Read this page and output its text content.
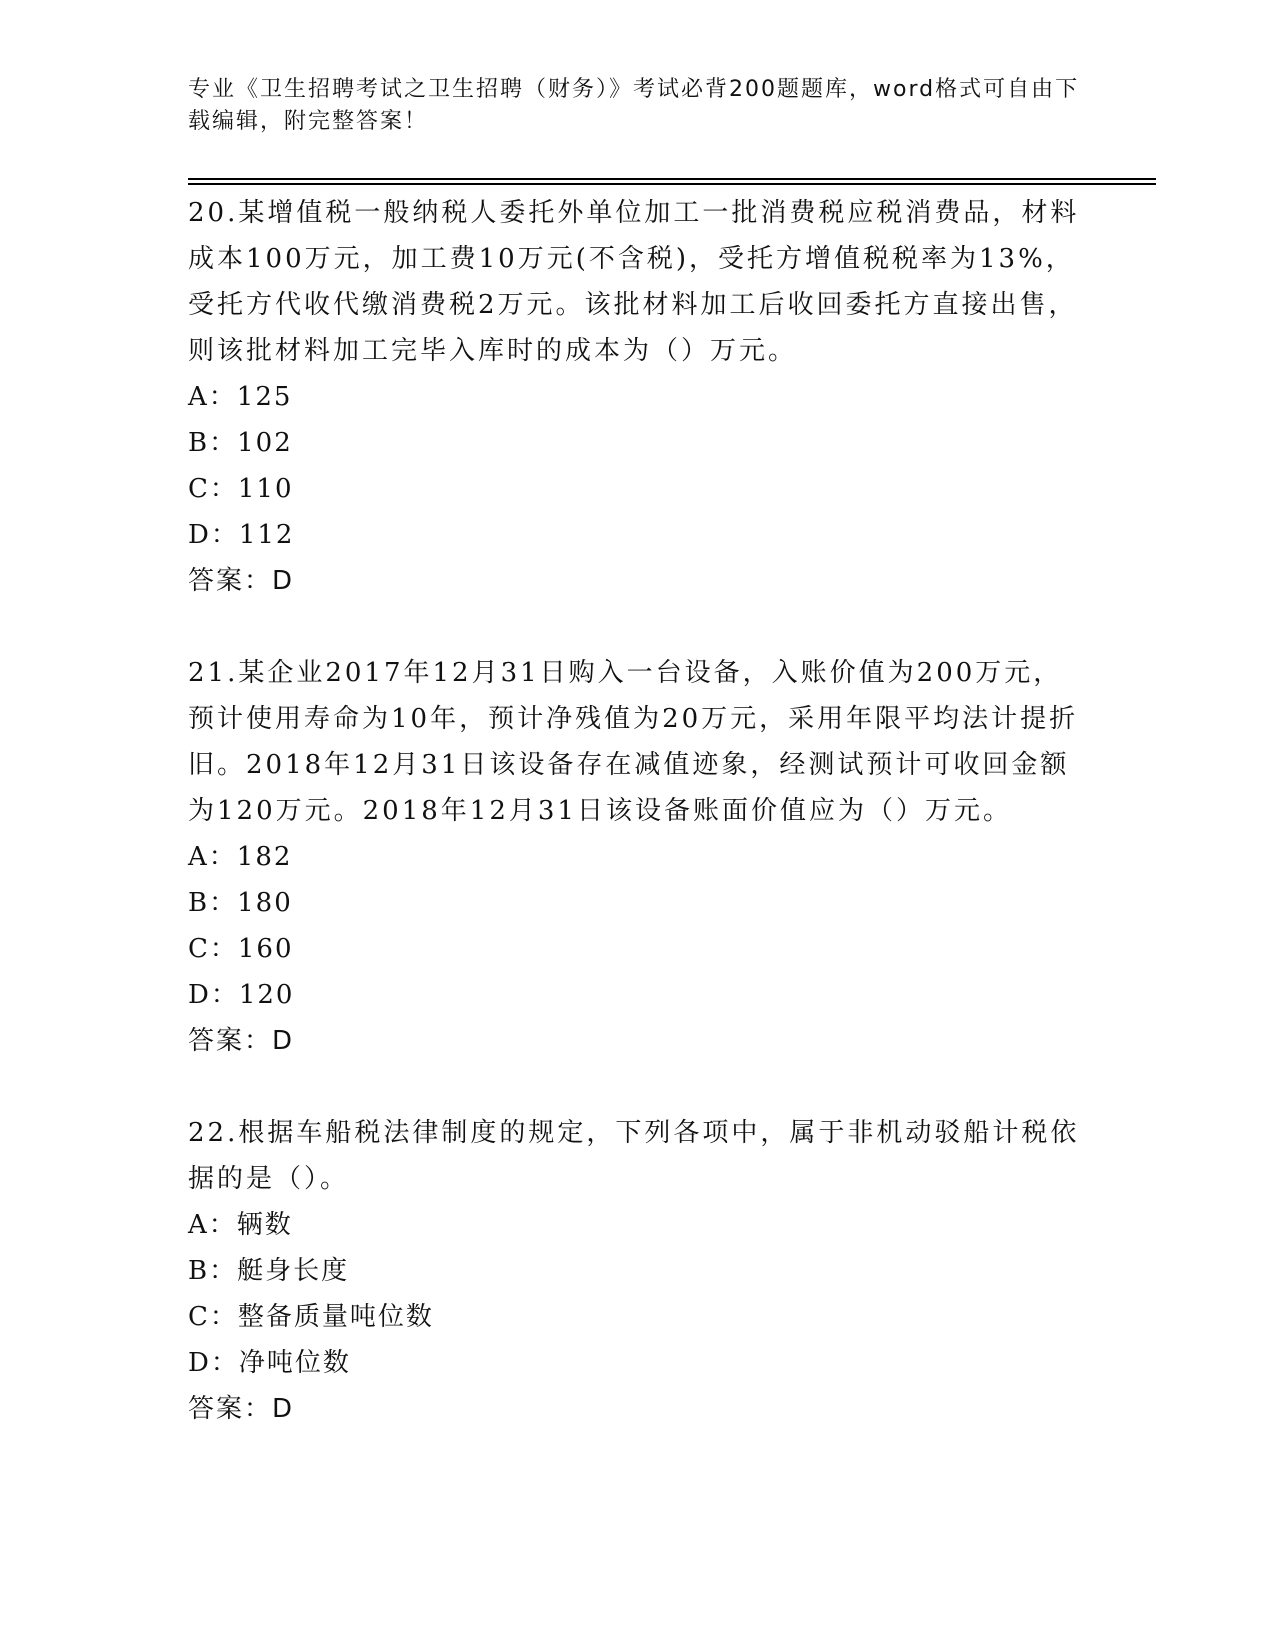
专业《卫生招聘考试之卫生招聘（财务）》考试必背200题题库，word格式可自由下载编辑，附完整答案！

20.某增值税一般纳税人委托外单位加工一批消费税应税消费品，材料成本100万元，加工费10万元(不含税)，受托方增值税税率为13%，受托方代收代缴消费税2万元。该批材料加工后收回委托方直接出售，则该批材料加工完毕入库时的成本为（）万元。

A：125

B：102

C：110

D：112

答案：D

21.某企业2017年12月31日购入一台设备，入账价值为200万元，预计使用寿命为10年，预计净残值为20万元，采用年限平均法计提折旧。2018年12月31日该设备存在减值迹象，经测试预计可收回金额为120万元。2018年12月31日该设备账面价值应为（）万元。

A：182

B：180

C：160

D：120

答案：D

22.根据车船税法律制度的规定，下列各项中，属于非机动驳船计税依据的是（）。

A：辆数

B：艇身长度

C：整备质量吨位数

D：净吨位数

答案：D
